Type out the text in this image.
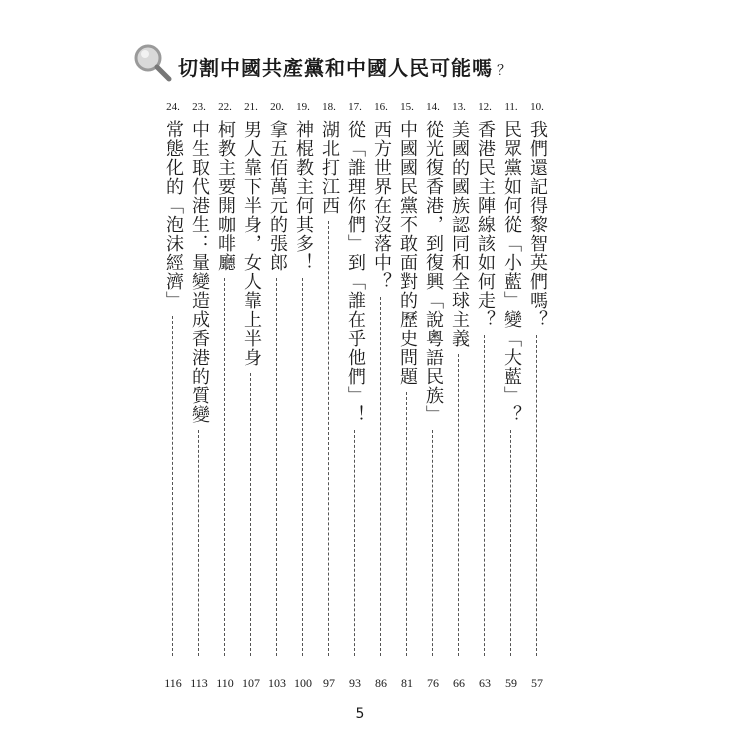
切割中國共產黨和中國人民可能嗎 ？
10.
我們還記得黎智英們嗎？
57
11.
民眾黨如何從「小藍」變「大藍」？
59
12.
香港民主陣線該如何走？
63
13.
美國的國族認同和全球主義
66
14.
從光復香港，到復興「說粵語民族」
76
15.
中國國民黨不敢面對的歷史問題
81
16.
西方世界在沒落中？
86
17.
從「誰理你們」到「誰在乎他們」！
93
18.
湖北打江西
97
19.
神棍教主何其多！
100
20.
拿五佰萬元的張郎
103
21.
男人靠下半身，女人靠上半身
107
22.
柯教主要開咖啡廳
110
23.
中生取代港生：量變造成香港的質變
113
24.
常態化的「泡沫經濟」
116
5
